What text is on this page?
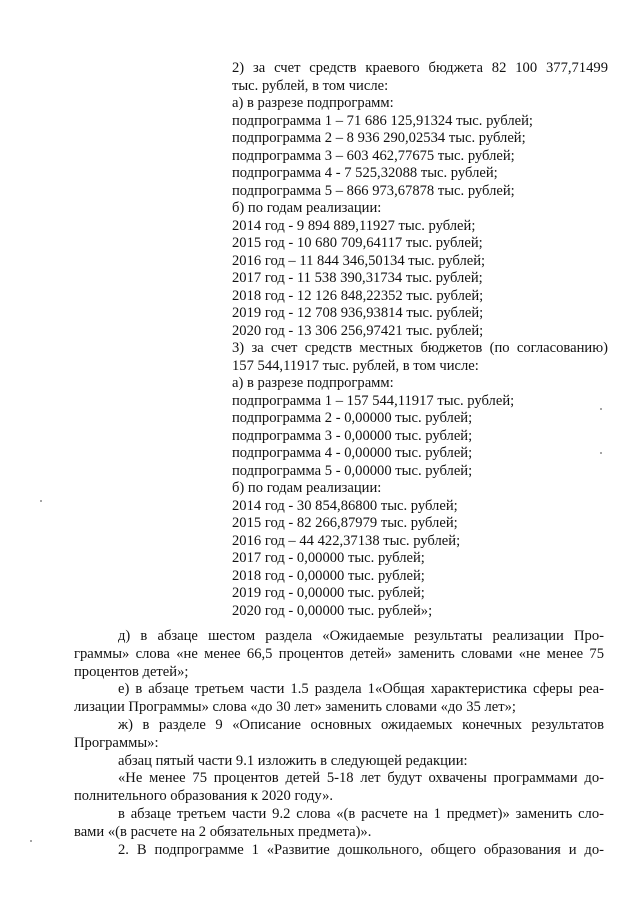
2) за счет средств краевого бюджета 82 100 377,71499
тыс. рублей, в том числе:
а) в разрезе подпрограмм:
подпрограмма 1 – 71 686 125,91324 тыс. рублей;
подпрограмма 2 – 8 936 290,02534 тыс. рублей;
подпрограмма 3 – 603 462,77675 тыс. рублей;
подпрограмма 4 - 7 525,32088 тыс. рублей;
подпрограмма 5 – 866 973,67878 тыс. рублей;
б) по годам реализации:
2014 год - 9 894 889,11927 тыс. рублей;
2015 год - 10 680 709,64117 тыс. рублей;
2016 год – 11 844 346,50134 тыс. рублей;
2017 год - 11 538 390,31734 тыс. рублей;
2018 год - 12 126 848,22352 тыс. рублей;
2019 год - 12 708 936,93814 тыс. рублей;
2020 год - 13 306 256,97421 тыс. рублей;
3) за счет средств местных бюджетов (по согласованию)
157 544,11917 тыс. рублей, в том числе:
а) в разрезе подпрограмм:
подпрограмма 1 – 157 544,11917 тыс. рублей;
подпрограмма 2 - 0,00000 тыс. рублей;
подпрограмма 3 - 0,00000 тыс. рублей;
подпрограмма 4 - 0,00000 тыс. рублей;
подпрограмма 5 - 0,00000 тыс. рублей;
б) по годам реализации:
2014 год - 30 854,86800 тыс. рублей;
2015 год - 82 266,87979 тыс. рублей;
2016 год – 44 422,37138 тыс. рублей;
2017 год - 0,00000 тыс. рублей;
2018 год - 0,00000 тыс. рублей;
2019 год - 0,00000 тыс. рублей;
2020 год - 0,00000 тыс. рублей»;

д) в абзаце шестом раздела «Ожидаемые результаты реализации Про-
граммы» слова «не менее 66,5 процентов детей» заменить словами «не менее 75
процентов детей»;

е) в абзаце третьем части 1.5 раздела 1«Общая характеристика сферы реа-
лизации Программы» слова «до 30 лет» заменить словами «до 35 лет»;

ж) в разделе 9 «Описание основных ожидаемых конечных результатов
Программы»:

абзац пятый части 9.1 изложить в следующей редакции:

«Не менее 75 процентов детей 5-18 лет будут охвачены программами до-
полнительного образования к 2020 году».

в абзаце третьем части 9.2 слова «(в расчете на 1 предмет)» заменить сло-
вами «(в расчете на 2 обязательных предмета)».

2. В подпрограмме 1 «Развитие дошкольного, общего образования и до-
